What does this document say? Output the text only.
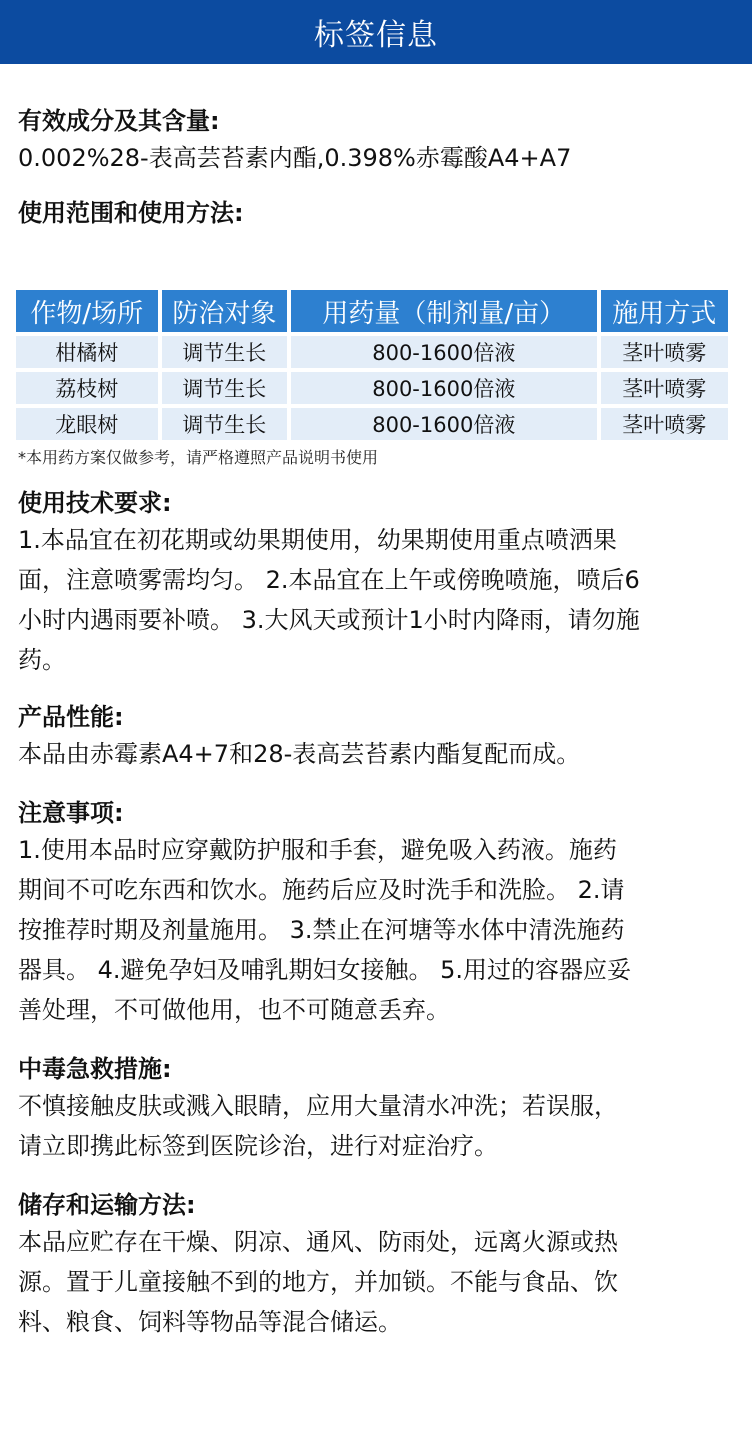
标签信息
有效成分及其含量:
0.002%28-表高芸苔素内酯,0.398%赤霉酸A4+A7
使用范围和使用方法:
作物/场所	防治对象	用药量（制剂量/亩）	施用方式
柑橘树	调节生长	800-1600倍液	茎叶喷雾
荔枝树	调节生长	800-1600倍液	茎叶喷雾
龙眼树	调节生长	800-1600倍液	茎叶喷雾
*本用药方案仅做参考，请严格遵照产品说明书使用
使用技术要求:
1.本品宜在初花期或幼果期使用，幼果期使用重点喷洒果
面，注意喷雾需均匀。 2.本品宜在上午或傍晚喷施，喷后6
小时内遇雨要补喷。 3.大风天或预计1小时内降雨，请勿施
药。
产品性能:
本品由赤霉素A4+7和28-表高芸苔素内酯复配而成。
注意事项:
1.使用本品时应穿戴防护服和手套，避免吸入药液。施药
期间不可吃东西和饮水。施药后应及时洗手和洗脸。 2.请
按推荐时期及剂量施用。 3.禁止在河塘等水体中清洗施药
器具。 4.避免孕妇及哺乳期妇女接触。 5.用过的容器应妥
善处理，不可做他用，也不可随意丢弃。
中毒急救措施:
不慎接触皮肤或溅入眼睛，应用大量清水冲洗；若误服，
请立即携此标签到医院诊治，进行对症治疗。
储存和运输方法:
本品应贮存在干燥、阴凉、通风、防雨处，远离火源或热
源。置于儿童接触不到的地方，并加锁。不能与食品、饮
料、粮食、饲料等物品等混合储运。
